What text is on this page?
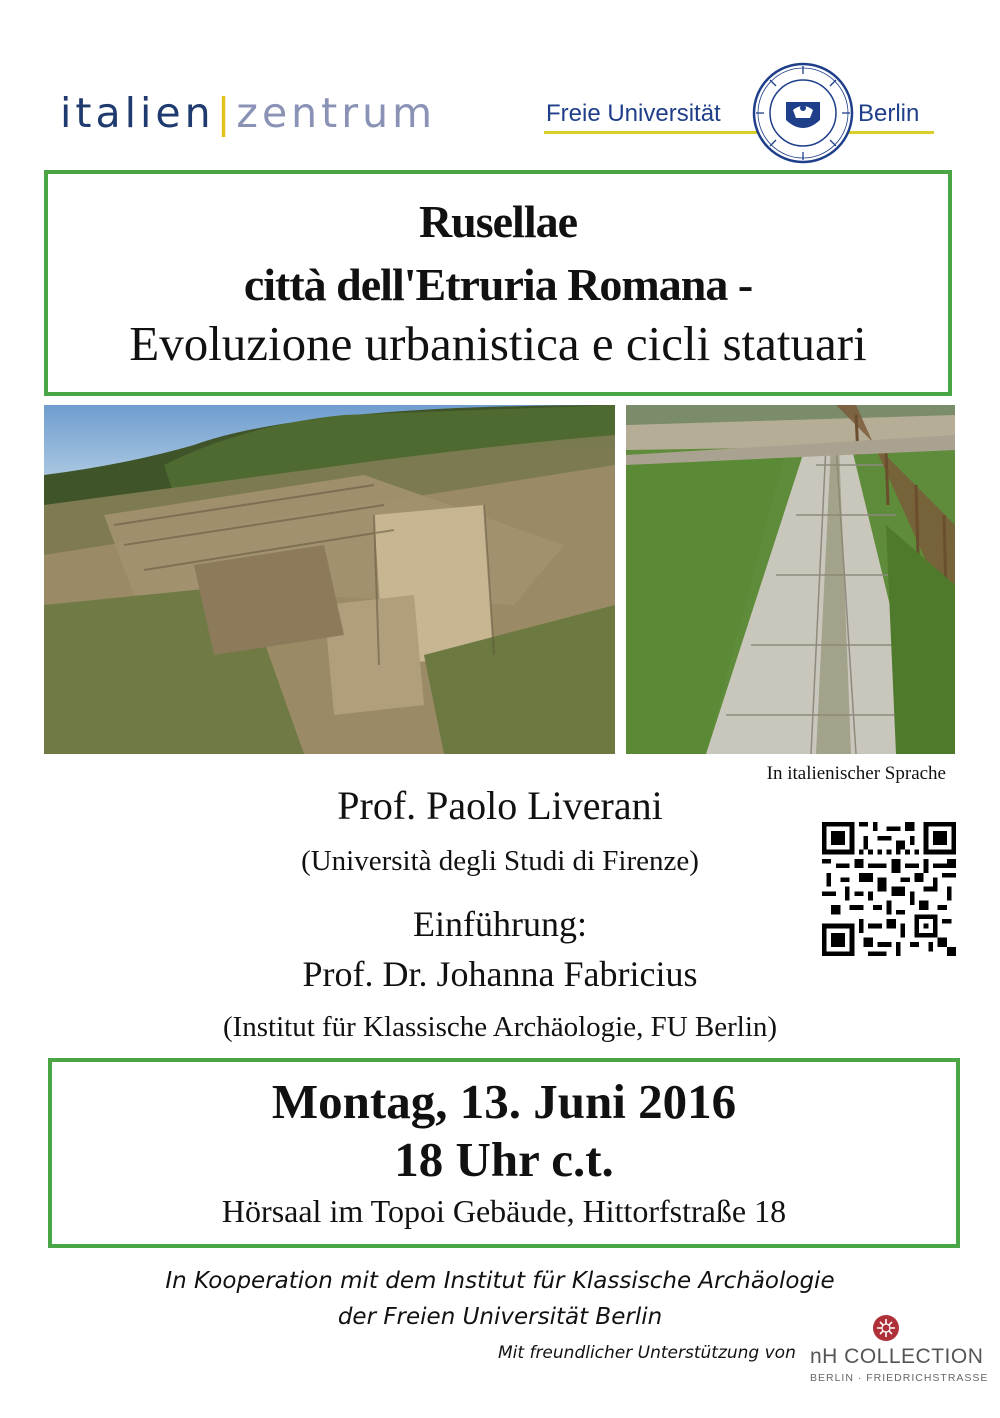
italien|zentrum	Freie Universität	Berlin
Rusellae
città dell'Etruria Romana -
Evoluzione urbanistica e cicli statuari
In italienischer Sprache
Prof. Paolo Liverani
(Università degli Studi di Firenze)
Einführung:
Prof. Dr. Johanna Fabricius
(Institut für Klassische Archäologie, FU Berlin)
Montag, 13. Juni 2016
18 Uhr c.t.
Hörsaal im Topoi Gebäude, Hittorfstraße 18
In Kooperation mit dem Institut für Klassische Archäologie
der Freien Universität Berlin
Mit freundlicher Unterstützung von nH COLLECTION
BERLIN · FRIEDRICHSTRASSE
